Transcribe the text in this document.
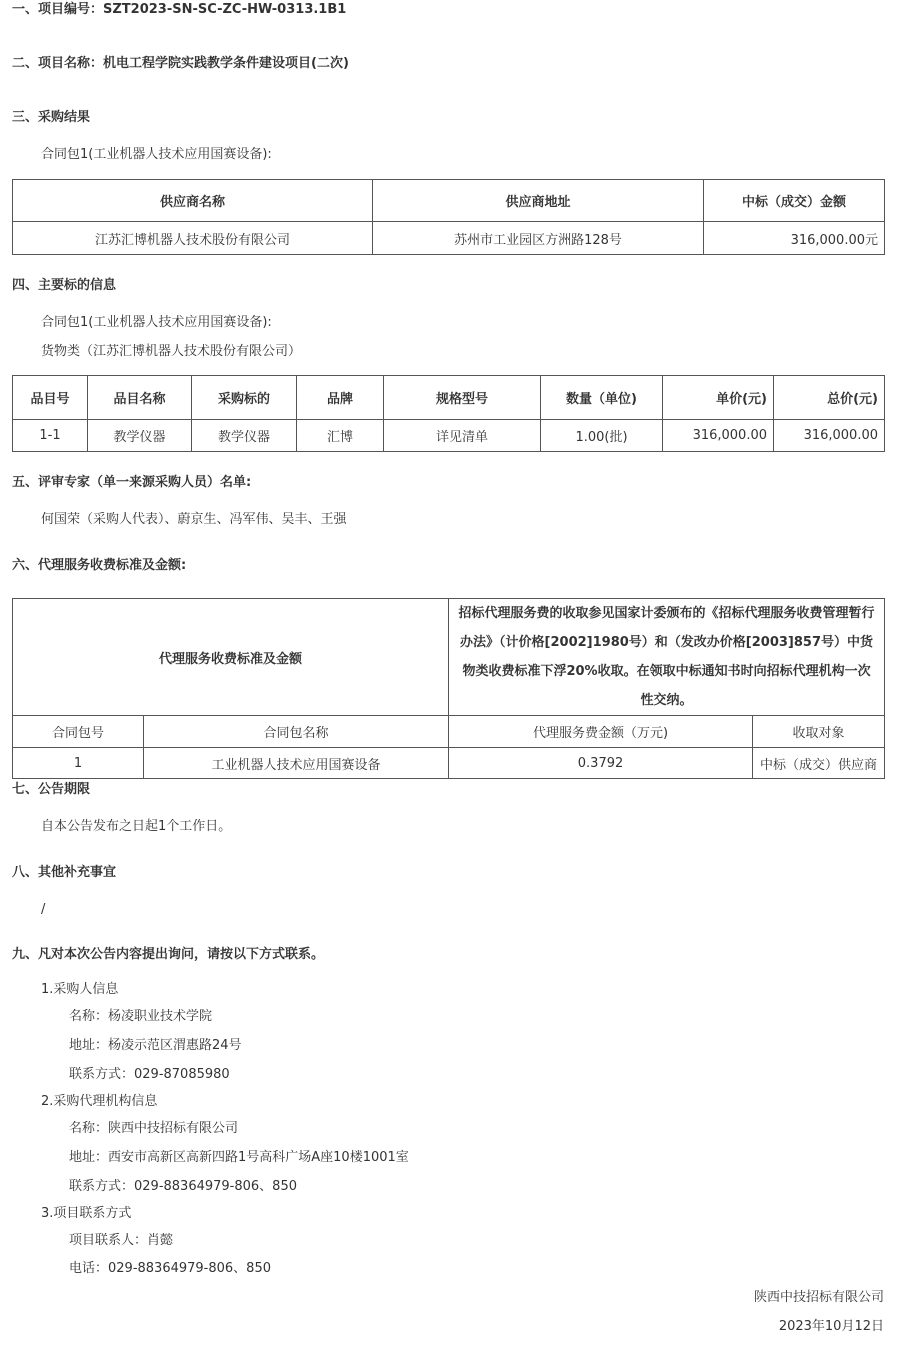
一、项目编号：SZT2023-SN-SC-ZC-HW-0313.1B1
二、项目名称：机电工程学院实践教学条件建设项目(二次)
三、采购结果
合同包1(工业机器人技术应用国赛设备):
供应商名称	供应商地址	中标（成交）金额
江苏汇博机器人技术股份有限公司	苏州市工业园区方洲路128号	316,000.00元
四、主要标的信息
合同包1(工业机器人技术应用国赛设备):
货物类（江苏汇博机器人技术股份有限公司）
品目号	品目名称	采购标的	品牌	规格型号	数量（单位)	单价(元)	总价(元)
1-1	教学仪器	教学仪器	汇博	详见清单	1.00(批)	316,000.00	316,000.00
五、评审专家（单一来源采购人员）名单:
何国荣（采购人代表）、蔚京生、冯军伟、吴丰、王强
六、代理服务收费标准及金额:
代理服务收费标准及金额		招标代理服务费的收取参见国家计委颁布的《招标代理服务收费管理暂行办法》（计价格[2002]1980号）和（发改办价格[2003]857号）中货物类收费标准下浮20%收取。在领取中标通知书时向招标代理机构一次性交纳。	
合同包号	合同包名称	代理服务费金额（万元)	收取对象
1	工业机器人技术应用国赛设备	0.3792	中标（成交）供应商
七、公告期限
自本公告发布之日起1个工作日。
八、其他补充事宜
/
九、凡对本次公告内容提出询问，请按以下方式联系。
1.采购人信息
名称：杨凌职业技术学院
地址：杨凌示范区渭惠路24号
联系方式：029-87085980
2.采购代理机构信息
名称：陕西中技招标有限公司
地址：西安市高新区高新四路1号高科广场A座10楼1001室
联系方式：029-88364979-806、850
3.项目联系方式
项目联系人：肖懿
电话：029-88364979-806、850
陕西中技招标有限公司
2023年10月12日
